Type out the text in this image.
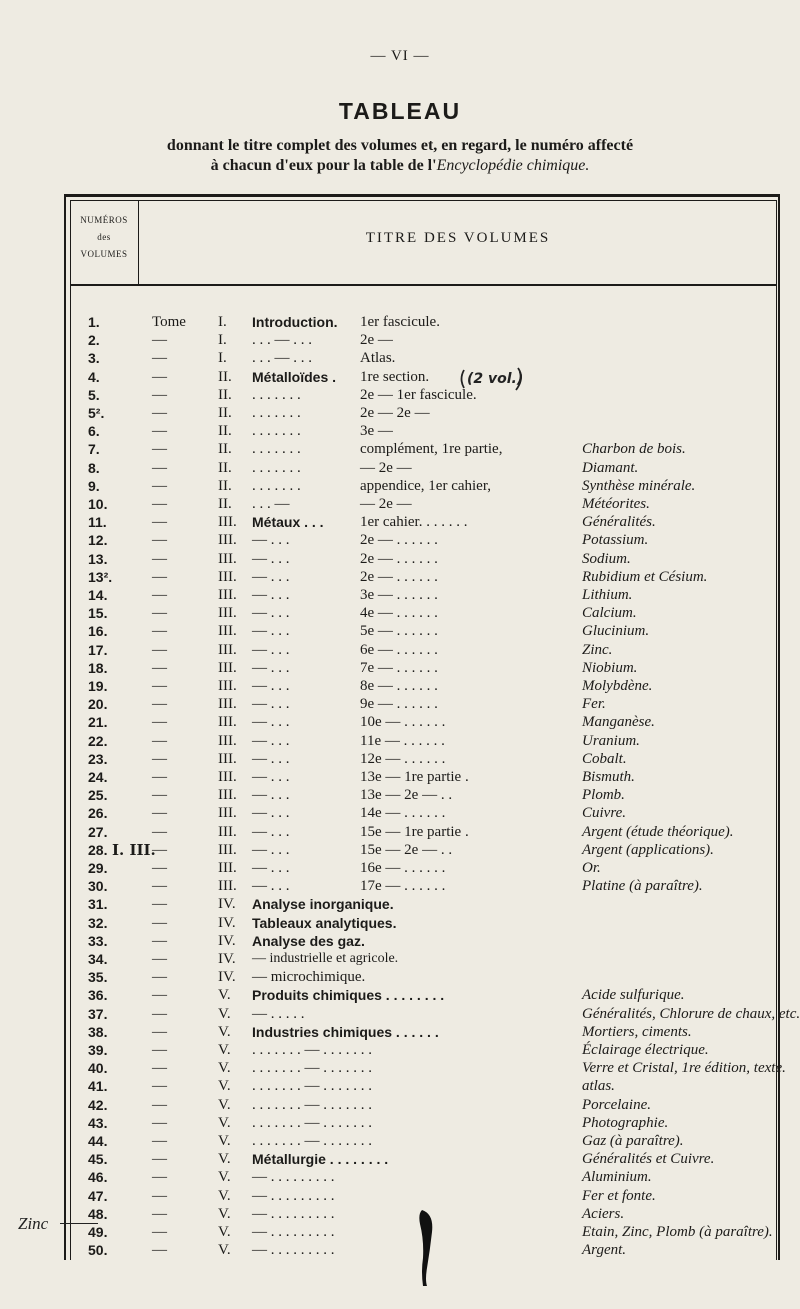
— VI —
TABLEAU
donnant le titre complet des volumes et, en regard, le numéro affecté
à chacun d'eux pour la table de l'Encyclopédie chimique.
NUMÉROS
des
VOLUMES
TITRE DES VOLUMES
1.	Tome I. Introduction. 1er fascicule.
2.	—	I. . . . — . . .	2e —
3.	—	I. . . . — . . .	Atlas.
4.	—	II. Métalloïdes . 1re section.
5.	—	II. . . . . . . .	2e — 1er fascicule.
5².	—	II. . . . . . . .	2e — 2e —
6.	—	II. . . . . . . .	3e —
7.	—	II. . . . . . . .	complément, 1re partie,	Charbon de bois.
8.	—	II. . . . . . . .	— 2e —	Diamant.
9.	—	II. . . . . . . .	appendice, 1er cahier,	Synthèse minérale.
10.	—	II. . . . —	— 2e —	Météorites.
11.	—	III. Métaux . . . 1er cahier. . . . . . .	Généralités.
12.	—	III. — . . .	2e — . . . . . .	Potassium.
13.	—	III. — . . .	2e — . . . . . .	Sodium.
13².	—	III. — . . .	2e — . . . . . .	Rubidium et Césium.
14.	—	III. — . . .	3e — . . . . . .	Lithium.
15.	—	III. — . . .	4e — . . . . . .	Calcium.
16.	—	III. — . . .	5e — . . . . . .	Glucinium.
17.	—	III. — . . .	6e — . . . . . .	Zinc.
18.	—	III. — . . .	7e — . . . . . .	Niobium.
19.	—	III. — . . .	8e — . . . . . .	Molybdène.
20.	—	III. — . . .	9e — . . . . . .	Fer.
21.	—	III. — . . .	10e — . . . . . .	Manganèse.
22.	—	III. — . . .	11e — . . . . . .	Uranium.
23.	—	III. — . . .	12e — . . . . . .	Cobalt.
24.	—	III. — . . .	13e — 1re partie .	Bismuth.
25.	—	III. — . . .	13e — 2e — . .	Plomb.
26.	—	III. — . . .	14e — . . . . . .	Cuivre.
27.	—	III. — . . .	15e — 1re partie .	Argent (étude théorique).
28.	—	III. — . . .	15e — 2e — . .	Argent (applications).
29.	—	III. — . . .	16e — . . . . . .	Or.
30.	—	III. — . . .	17e — . . . . . .	Platine (à paraître).
31.	—	IV. Analyse inorganique.
32.	—	IV. Tableaux analytiques.
33.	—	IV. Analyse des gaz.
34.	—	IV. — industrielle et agricole.
35.	—	IV. — microchimique.
36.	—	V. Produits chimiques . . . . . . . .	Acide sulfurique.
37.	—	V. — . . . . .	Généralités, Chlorure de chaux, etc.
38.	—	V. Industries chimiques . . . . . .	Mortiers, ciments.
39.	—	V. . . . . . . . — . . . . . . .	Éclairage électrique.
40.	—	V. . . . . . . . — . . . . . . .	Verre et Cristal, 1re édition, texte.
41.	—	V. . . . . . . . — . . . . . . .	atlas.
42.	—	V. . . . . . . . — . . . . . . .	Porcelaine.
43.	—	V. . . . . . . . — . . . . . . .	Photographie.
44.	—	V. . . . . . . . — . . . . . . .	Gaz (à paraître).
45.	—	V. Métallurgie . . . . . . . .	Généralités et Cuivre.
46.	—	V. — . . . . . . . . .	Aluminium.
47.	—	V. — . . . . . . . . .	Fer et fonte.
48.	—	V. — . . . . . . . . .	Aciers.
49.	—	V. — . . . . . . . . .	Etain, Zinc, Plomb (à paraître).
50.	—	V. — . . . . . . . . .	Argent.
I. III.
(2 vol.)
Zinc
